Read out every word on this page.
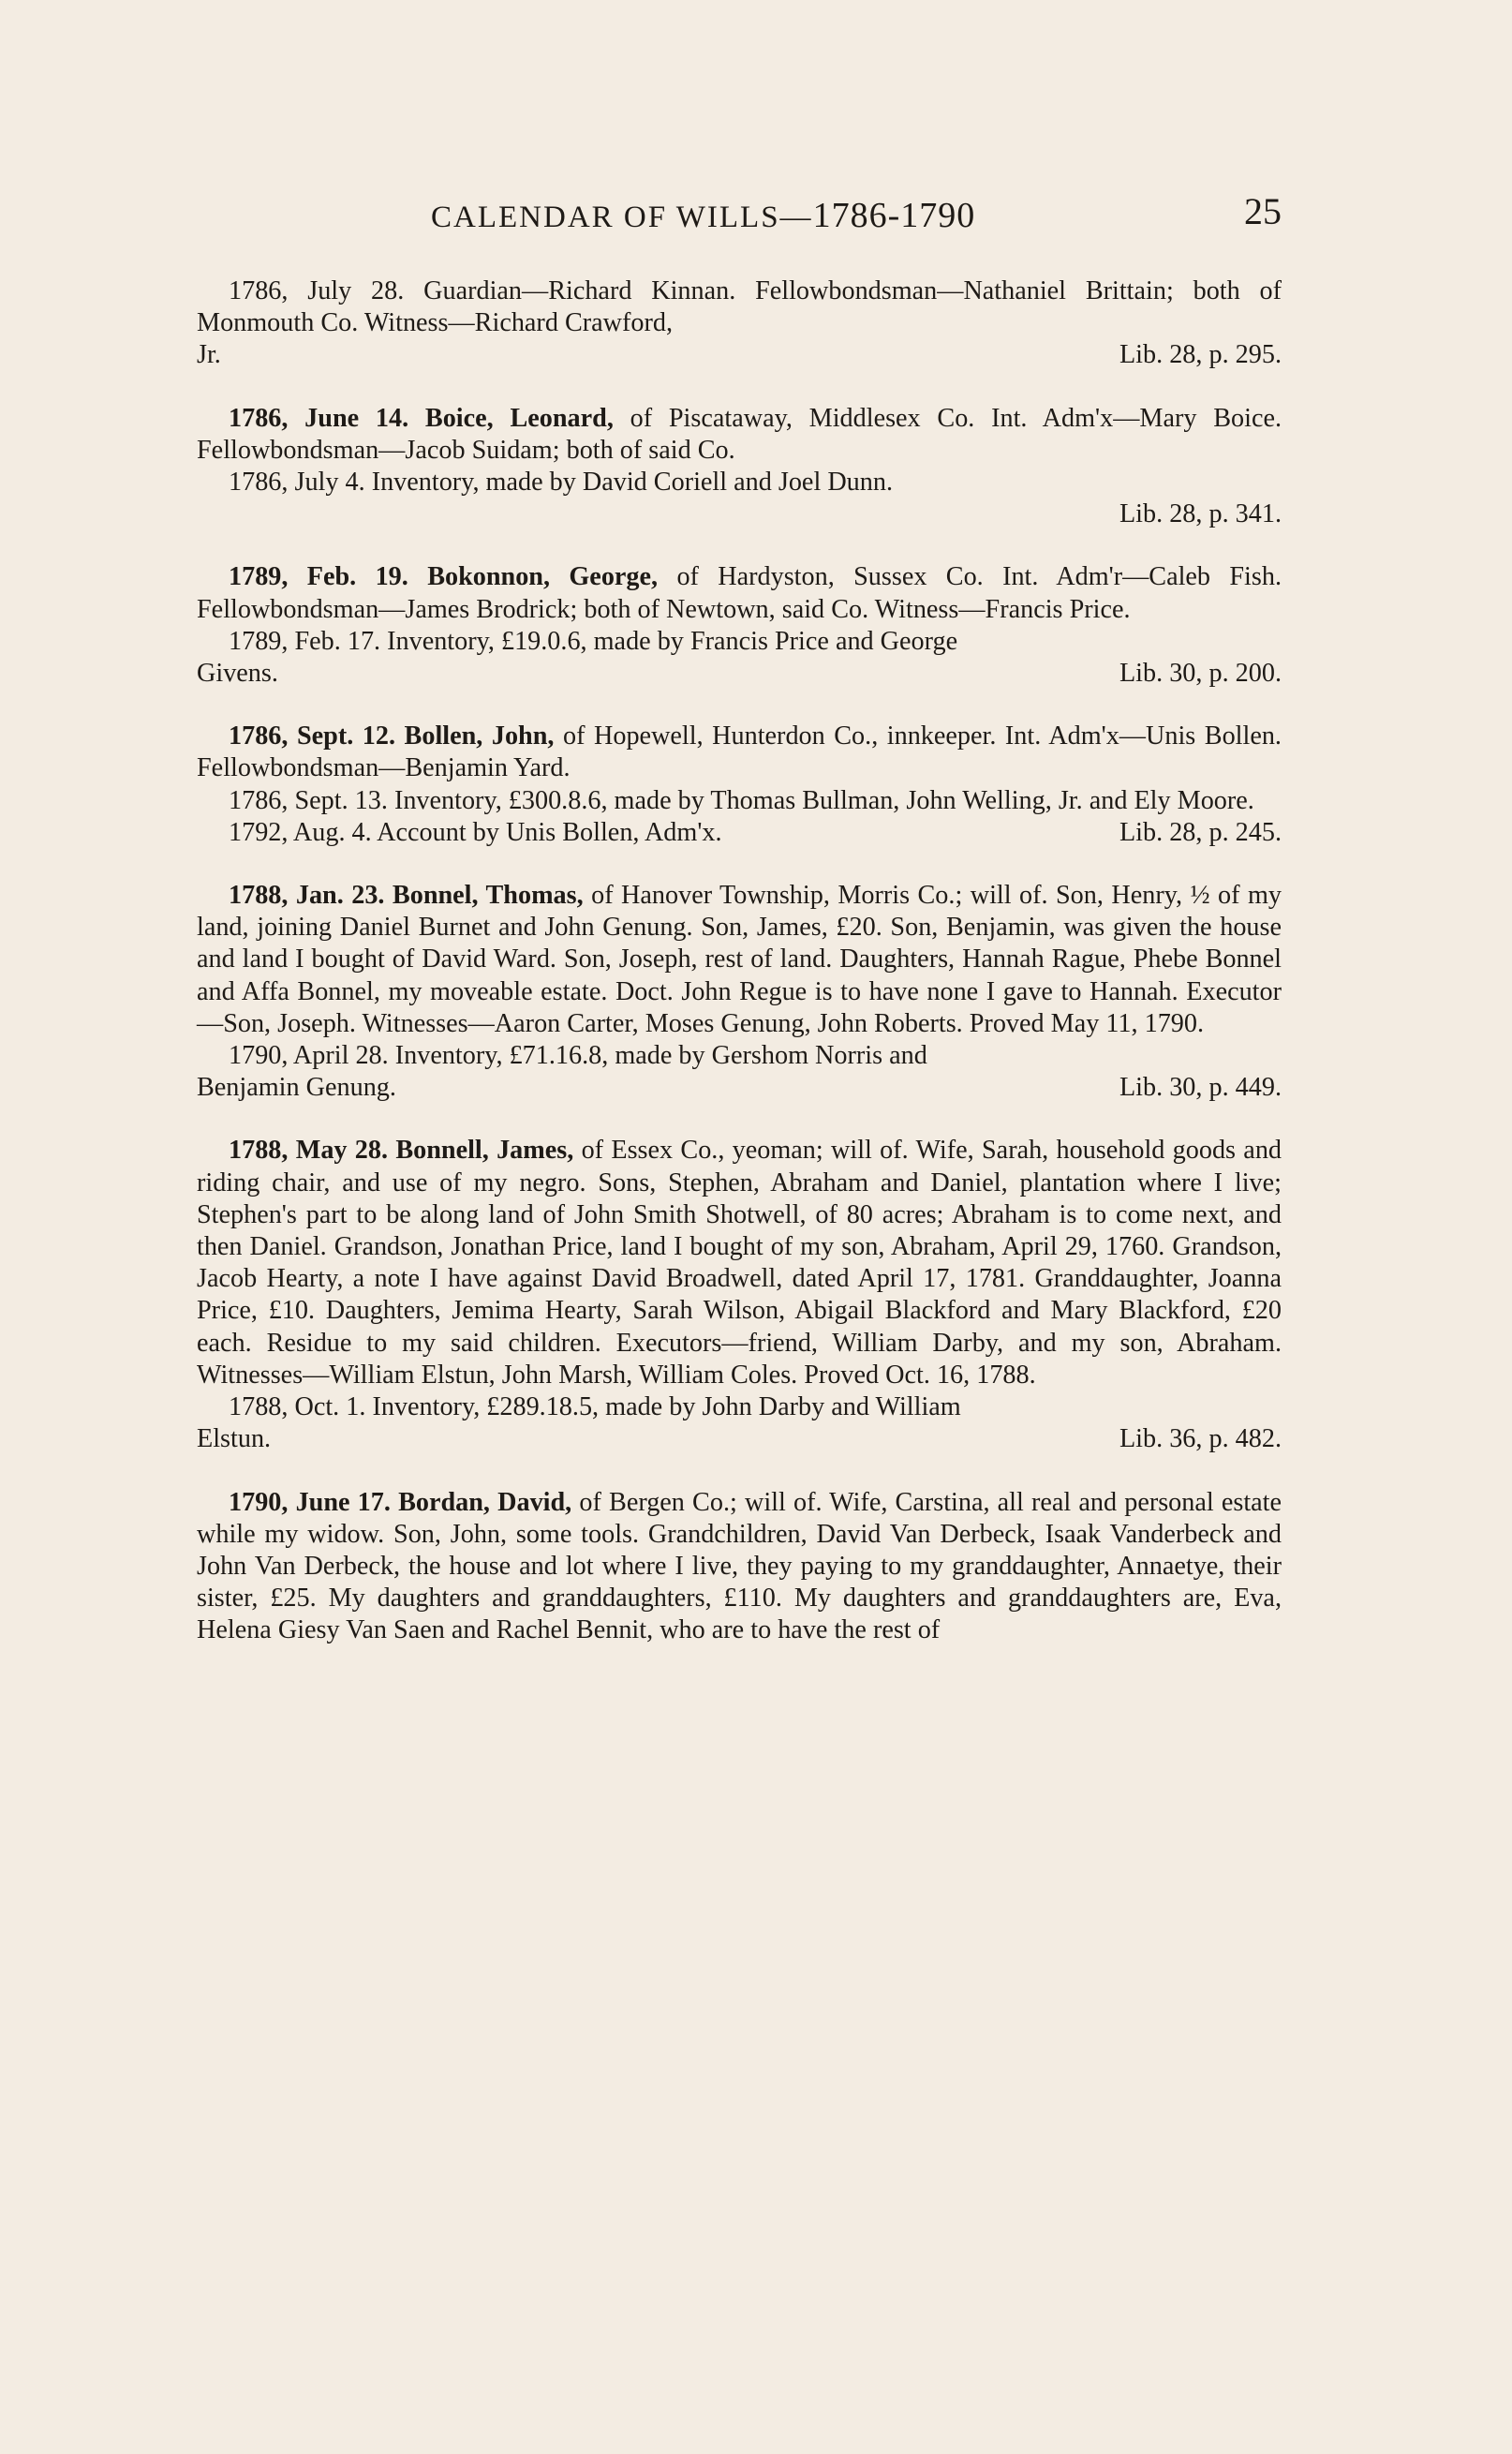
CALENDAR OF WILLS—1786-1790	25

1786, July 28. Guardian—Richard Kinnan. Fellowbondsman—Nathaniel Brittain; both of Monmouth Co. Witness—Richard Crawford,

Jr.	Lib. 28, p. 295.

1786, June 14. Boice, Leonard, of Piscataway, Middlesex Co. Int. Adm'x—Mary Boice. Fellowbondsman—Jacob Suidam; both of said Co.

1786, July 4. Inventory, made by David Coriell and Joel Dunn.

Lib. 28, p. 341.

1789, Feb. 19. Bokonnon, George, of Hardyston, Sussex Co. Int. Adm'r—Caleb Fish. Fellowbondsman—James Brodrick; both of Newtown, said Co. Witness—Francis Price.

1789, Feb. 17. Inventory, £19.0.6, made by Francis Price and George

Givens.	Lib. 30, p. 200.

1786, Sept. 12. Bollen, John, of Hopewell, Hunterdon Co., innkeeper. Int. Adm'x—Unis Bollen. Fellowbondsman—Benjamin Yard.

1786, Sept. 13. Inventory, £300.8.6, made by Thomas Bullman, John Welling, Jr. and Ely Moore.

1792, Aug. 4. Account by Unis Bollen, Adm'x.	Lib. 28, p. 245.

1788, Jan. 23. Bonnel, Thomas, of Hanover Township, Morris Co.; will of. Son, Henry, ½ of my land, joining Daniel Burnet and John Genung. Son, James, £20. Son, Benjamin, was given the house and land I bought of David Ward. Son, Joseph, rest of land. Daughters, Hannah Rague, Phebe Bonnel and Affa Bonnel, my moveable estate. Doct. John Regue is to have none I gave to Hannah. Executor—Son, Joseph. Witnesses—Aaron Carter, Moses Genung, John Roberts. Proved May 11, 1790.

1790, April 28. Inventory, £71.16.8, made by Gershom Norris and

Benjamin Genung.	Lib. 30, p. 449.

1788, May 28. Bonnell, James, of Essex Co., yeoman; will of. Wife, Sarah, household goods and riding chair, and use of my negro. Sons, Stephen, Abraham and Daniel, plantation where I live; Stephen's part to be along land of John Smith Shotwell, of 80 acres; Abraham is to come next, and then Daniel. Grandson, Jonathan Price, land I bought of my son, Abraham, April 29, 1760. Grandson, Jacob Hearty, a note I have against David Broadwell, dated April 17, 1781. Granddaughter, Joanna Price, £10. Daughters, Jemima Hearty, Sarah Wilson, Abigail Blackford and Mary Blackford, £20 each. Residue to my said children. Executors—friend, William Darby, and my son, Abraham. Witnesses—William Elstun, John Marsh, William Coles. Proved Oct. 16, 1788.

1788, Oct. 1. Inventory, £289.18.5, made by John Darby and William

Elstun.	Lib. 36, p. 482.

1790, June 17. Bordan, David, of Bergen Co.; will of. Wife, Carstina, all real and personal estate while my widow. Son, John, some tools. Grandchildren, David Van Derbeck, Isaak Vanderbeck and John Van Derbeck, the house and lot where I live, they paying to my granddaughter, Annaetye, their sister, £25. My daughters and granddaughters, £110. My daughters and granddaughters are, Eva, Helena Giesy Van Saen and Rachel Bennit, who are to have the rest of
